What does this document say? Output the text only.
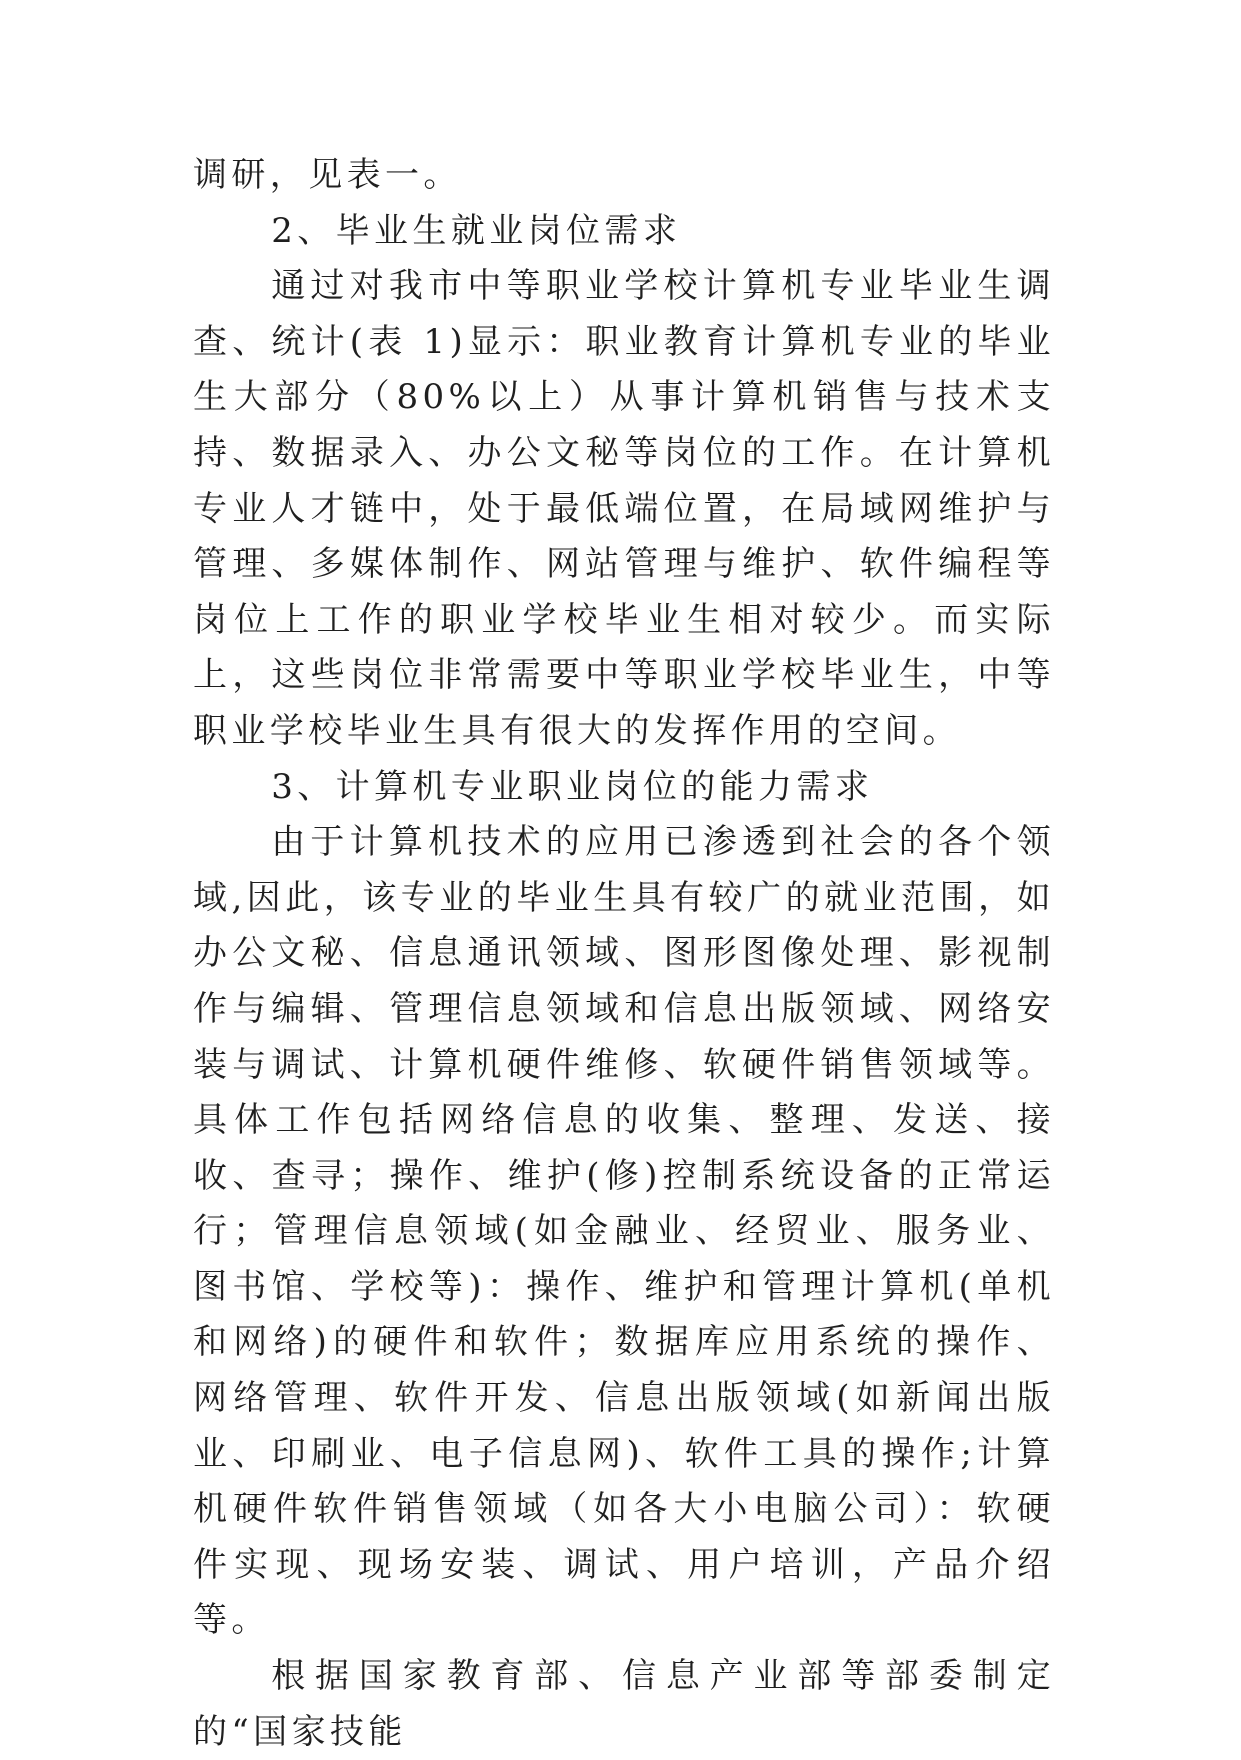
调研，见表一。

2、毕业生就业岗位需求

通过对我市中等职业学校计算机专业毕业生调查、统计(表 1)显示：职业教育计算机专业的毕业生大部分（80%以上）从事计算机销售与技术支持、数据录入、办公文秘等岗位的工作。在计算机专业人才链中，处于最低端位置，在局域网维护与管理、多媒体制作、网站管理与维护、软件编程等岗位上工作的职业学校毕业生相对较少。而实际上，这些岗位非常需要中等职业学校毕业生，中等职业学校毕业生具有很大的发挥作用的空间。

3、计算机专业职业岗位的能力需求

由于计算机技术的应用已渗透到社会的各个领域,因此，该专业的毕业生具有较广的就业范围，如办公文秘、信息通讯领域、图形图像处理、影视制作与编辑、管理信息领域和信息出版领域、网络安装与调试、计算机硬件维修、软硬件销售领域等。具体工作包括网络信息的收集、整理、发送、接收、查寻；操作、维护(修)控制系统设备的正常运行；管理信息领域(如金融业、经贸业、服务业、图书馆、学校等)：操作、维护和管理计算机(单机和网络)的硬件和软件；数据库应用系统的操作、网络管理、软件开发、信息出版领域(如新闻出版业、印刷业、电子信息网)、软件工具的操作;计算机硬件软件销售领域（如各大小电脑公司）：软硬件实现、现场安装、调试、用户培训，产品介绍等。

根据国家教育部、信息产业部等部委制定的“国家技能
